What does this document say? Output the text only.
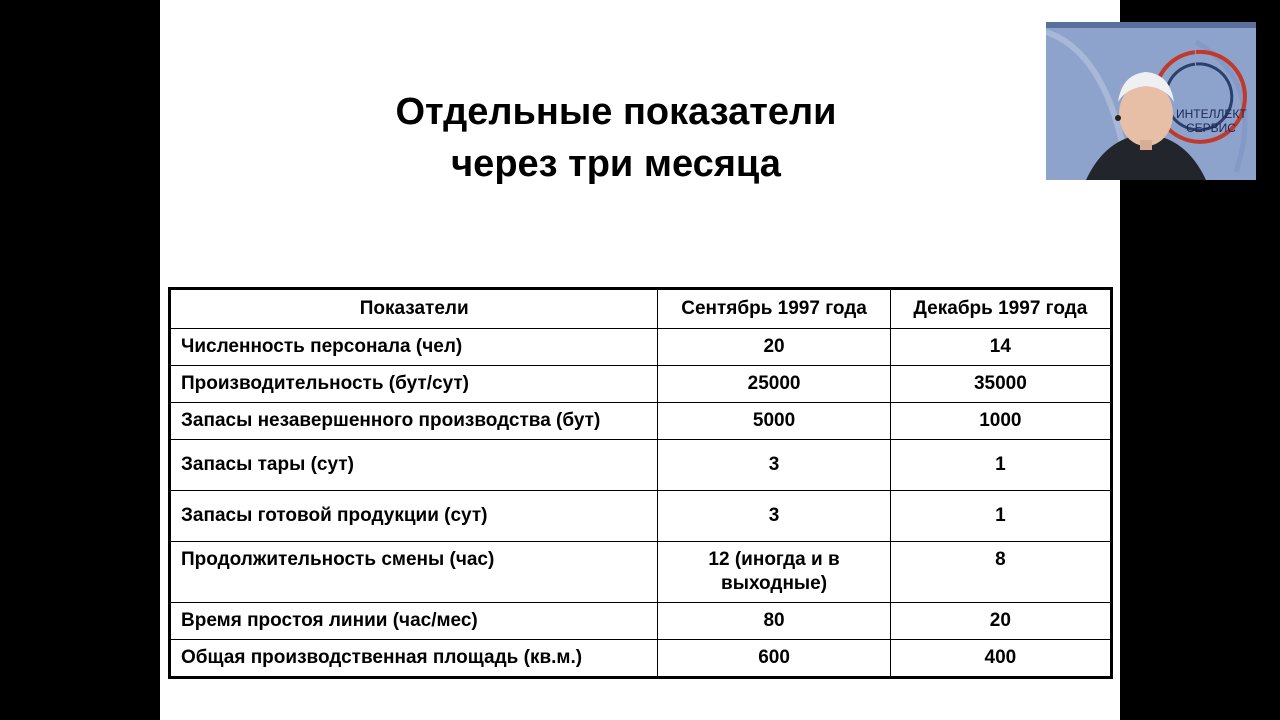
Отдельные показатели
через три месяца
Показатели	Сентябрь 1997 года	Декабрь 1997 года
Численность персонала (чел)	20	14
Производительность (бут/сут)	25000	35000
Запасы незавершенного производства (бут)	5000	1000
Запасы тары (сут)	3	1
Запасы готовой продукции (сут)	3	1
Продолжительность смены (час)	12 (иногда и в выходные)	8
Время простоя линии (час/мес)	80	20
Общая производственная площадь (кв.м.)	600	400
ИНТЕЛЛЕКТ
СЕРВИС
